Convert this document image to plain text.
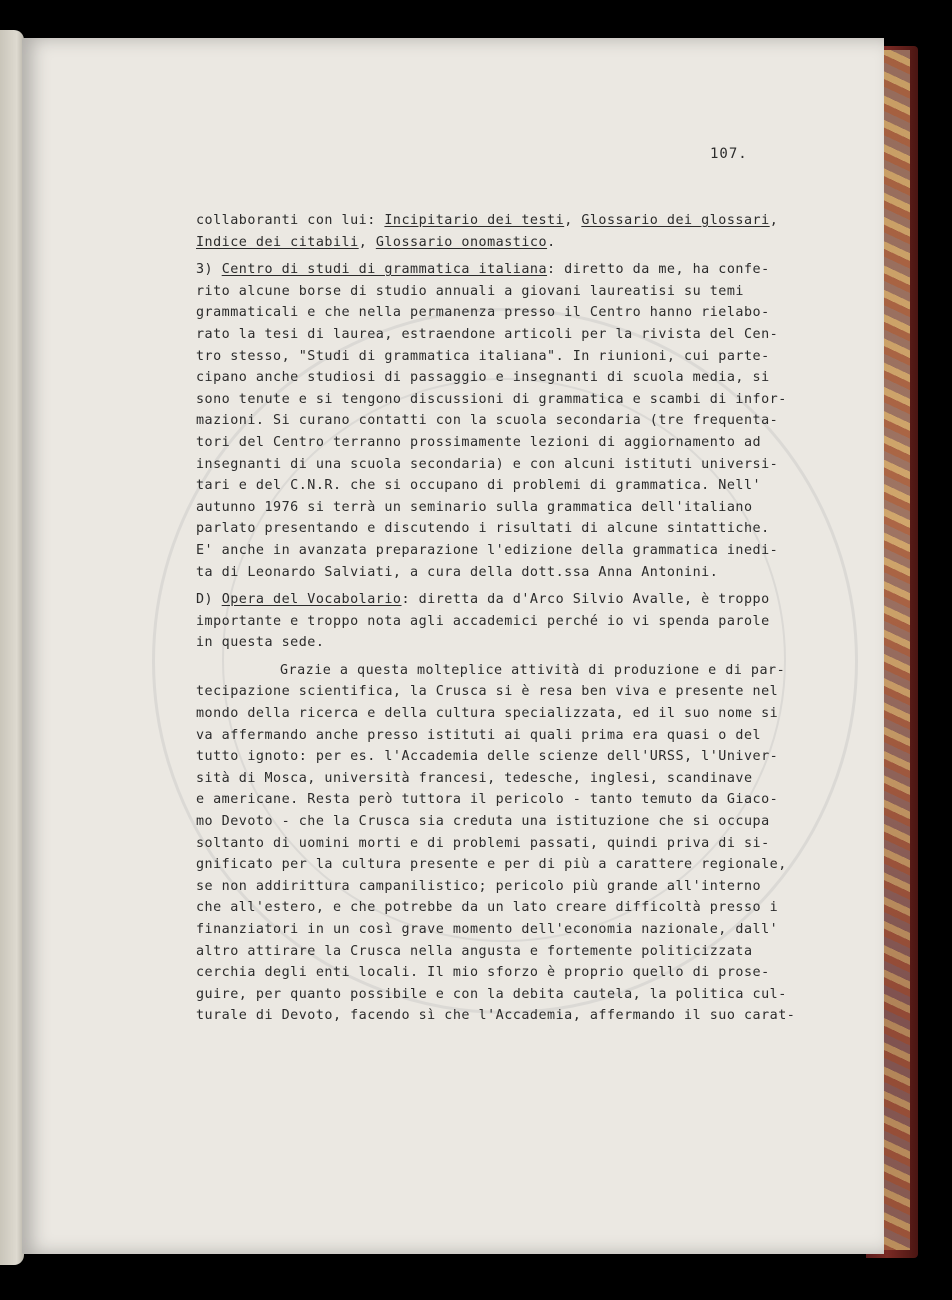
107.
collaboranti con lui: Incipitario dei testi, Glossario dei glossari,
Indice dei citabili, Glossario onomastico.
3) Centro di studi di grammatica italiana: diretto da me, ha confe-
rito alcune borse di studio annuali a giovani laureatisi su temi
grammaticali e che nella permanenza presso il Centro hanno rielabo-
rato la tesi di laurea, estraendone articoli per la rivista del Cen-
tro stesso, "Studi di grammatica italiana". In riunioni, cui parte-
cipano anche studiosi di passaggio e insegnanti di scuola media, si
sono tenute e si tengono discussioni di grammatica e scambi di infor-
mazioni. Si curano contatti con la scuola secondaria (tre frequenta-
tori del Centro terranno prossimamente lezioni di aggiornamento ad
insegnanti di una scuola secondaria) e con alcuni istituti universi-
tari e del C.N.R. che si occupano di problemi di grammatica. Nell'
autunno 1976 si terrà un seminario sulla grammatica dell'italiano
parlato presentando e discutendo i risultati di alcune sintattiche.
E' anche in avanzata preparazione l'edizione della grammatica inedi-
ta di Leonardo Salviati, a cura della dott.ssa Anna Antonini.
D) Opera del Vocabolario: diretta da d'Arco Silvio Avalle, è troppo
importante e troppo nota agli accademici perché io vi spenda parole
in questa sede.
Grazie a questa molteplice attività di produzione e di par-
tecipazione scientifica, la Crusca si è resa ben viva e presente nel
mondo della ricerca e della cultura specializzata, ed il suo nome si
va affermando anche presso istituti ai quali prima era quasi o del
tutto ignoto: per es. l'Accademia delle scienze dell'URSS, l'Univer-
sità di Mosca, università francesi, tedesche, inglesi, scandinave
e americane. Resta però tuttora il pericolo - tanto temuto da Giaco-
mo Devoto - che la Crusca sia creduta una istituzione che si occupa
soltanto di uomini morti e di problemi passati, quindi priva di si-
gnificato per la cultura presente e per di più a carattere regionale,
se non addirittura campanilistico; pericolo più grande all'interno
che all'estero, e che potrebbe da un lato creare difficoltà presso i
finanziatori in un così grave momento dell'economia nazionale, dall'
altro attirare la Crusca nella angusta e fortemente politicizzata
cerchia degli enti locali. Il mio sforzo è proprio quello di prose-
guire, per quanto possibile e con la debita cautela, la politica cul-
turale di Devoto, facendo sì che l'Accademia, affermando il suo carat-
